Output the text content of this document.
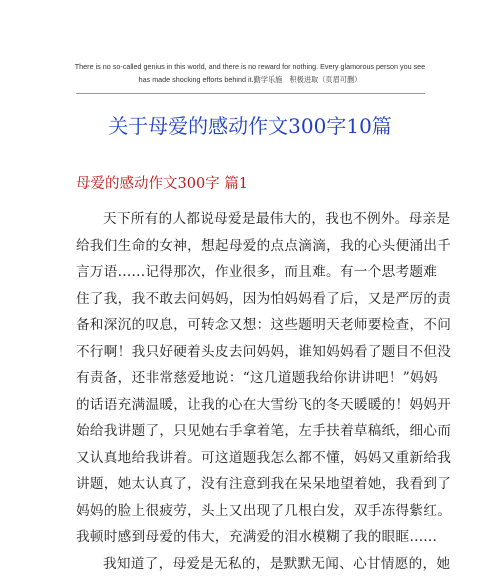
There is no so-called genius in this world, and there is no reward for nothing. Every glamorous person you see
has made shocking efforts behind it.勤学乐施　积极进取（页眉可删）
关于母爱的感动作文300字10篇
母爱的感动作文300字 篇1
天下所有的人都说母爱是最伟大的，我也不例外。母亲是
给我们生命的女神，想起母爱的点点滴滴，我的心头便涌出千
言万语......记得那次，作业很多，而且难。有一个思考题难
住了我，我不敢去问妈妈，因为怕妈妈看了后，又是严厉的责
备和深沉的叹息，可转念又想：这些题明天老师要检查，不问
不行啊！我只好硬着头皮去问妈妈，谁知妈妈看了题目不但没
有责备，还非常慈爱地说：“这几道题我给你讲讲吧！”妈妈
的话语充满温暖，让我的心在大雪纷飞的冬天暖暖的！妈妈开
始给我讲题了，只见她右手拿着笔，左手扶着草稿纸，细心而
又认真地给我讲着。可这道题我怎么都不懂，妈妈又重新给我
讲题，她太认真了，没有注意到我在呆呆地望着她，我看到了
妈妈的脸上很疲劳，头上又出现了几根白发，双手冻得紫红。
我顿时感到母爱的伟大，充满爱的泪水模糊了我的眼眶......
我知道了，母爱是无私的，是默默无闻、心甘情愿的，她
